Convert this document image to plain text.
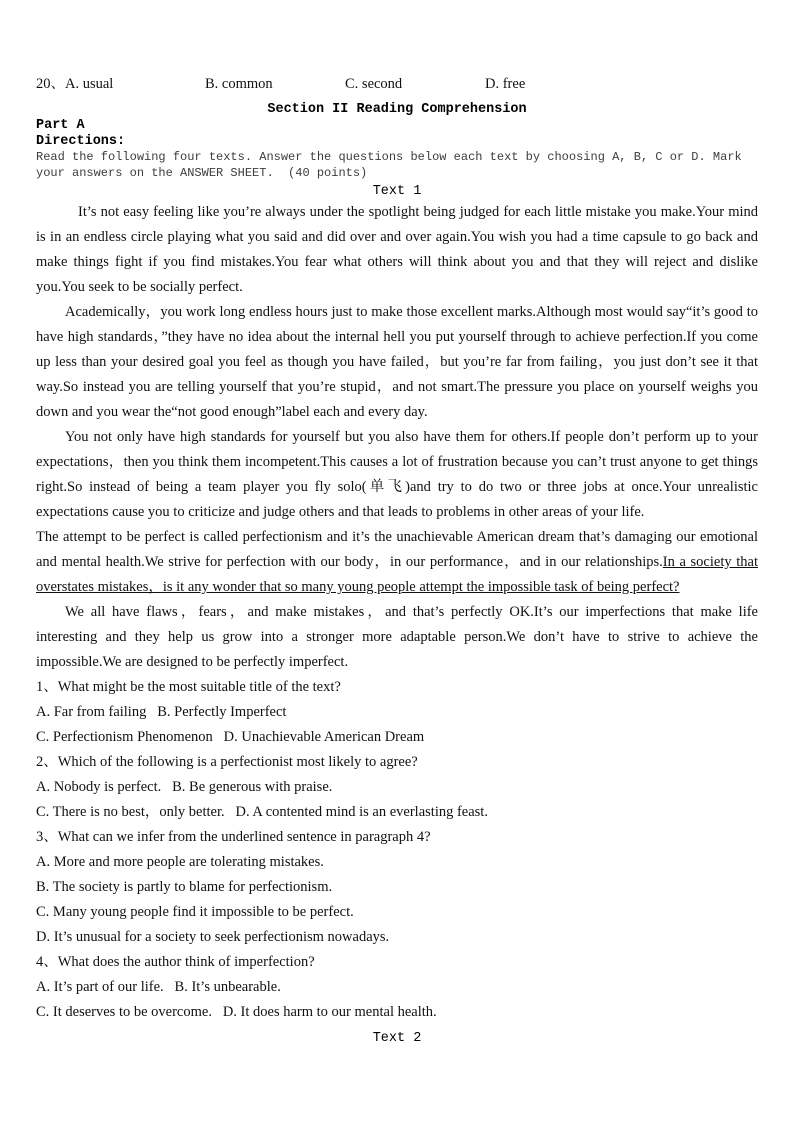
20、 A. usual	B. common	C. second	D. free
Section II Reading Comprehension
Part A
Directions:
Read the following four texts. Answer the questions below each text by choosing A, B, C or D. Mark your answers on the ANSWER SHEET.  (40 points)
Text 1

It’s not easy feeling like you’re always under the spotlight being judged for each little mistake you make.Your mind is in an endless circle playing what you said and did over and over again.You wish you had a time capsule to go back and make things fight if you find mistakes.You fear what others will think about you and that they will reject and dislike you.You seek to be socially perfect.

Academically，you work long endless hours just to make those excellent marks.Although most would say“it’s good to have high standards，”they have no idea about the internal hell you put yourself through to achieve perfection.If you come up less than your desired goal you feel as though you have failed，but you’re far from failing，you just don’t see it that way.So instead you are telling yourself that you’re stupid，and not smart.The pressure you place on yourself weighs you down and you wear the“not good enough”label each and every day.

You not only have high standards for yourself but you also have them for others.If people don’t perform up to your expectations，then you think them incompetent.This causes a lot of frustration because you can’t trust anyone to get things right.So instead of being a team player you fly solo(单飞)and try to do two or three jobs at once.Your unrealistic expectations cause you to criticize and judge others and that leads to problems in other areas of your life.

The attempt to be perfect is called perfectionism and it’s the unachievable American dream that’s damaging our emotional and mental health.We strive for perfection with our body，in our performance，and in our relationships.In a society that overstates mistakes，is it any wonder that so many young people attempt the impossible task of being perfect?

We all have flaws，fears，and make mistakes，and that’s perfectly OK.It’s our imperfections that make life interesting and they help us grow into a stronger more adaptable person.We don’t have to strive to achieve the impossible.We are designed to be perfectly imperfect.

1、What might be the most suitable title of the text?
A. Far from failing   B. Perfectly Imperfect
C. Perfectionism Phenomenon   D. Unachievable American Dream
2、Which of the following is a perfectionist most likely to agree?
A. Nobody is perfect.   B. Be generous with praise.
C. There is no best，only better.   D. A contented mind is an everlasting feast.
3、What can we infer from the underlined sentence in paragraph 4?
A. More and more people are tolerating mistakes.
B. The society is partly to blame for perfectionism.
C. Many young people find it impossible to be perfect.
D. It’s unusual for a society to seek perfectionism nowadays.
4、What does the author think of imperfection?
A. It’s part of our life.   B. It’s unbearable.
C. It deserves to be overcome.   D. It does harm to our mental health.
Text 2
